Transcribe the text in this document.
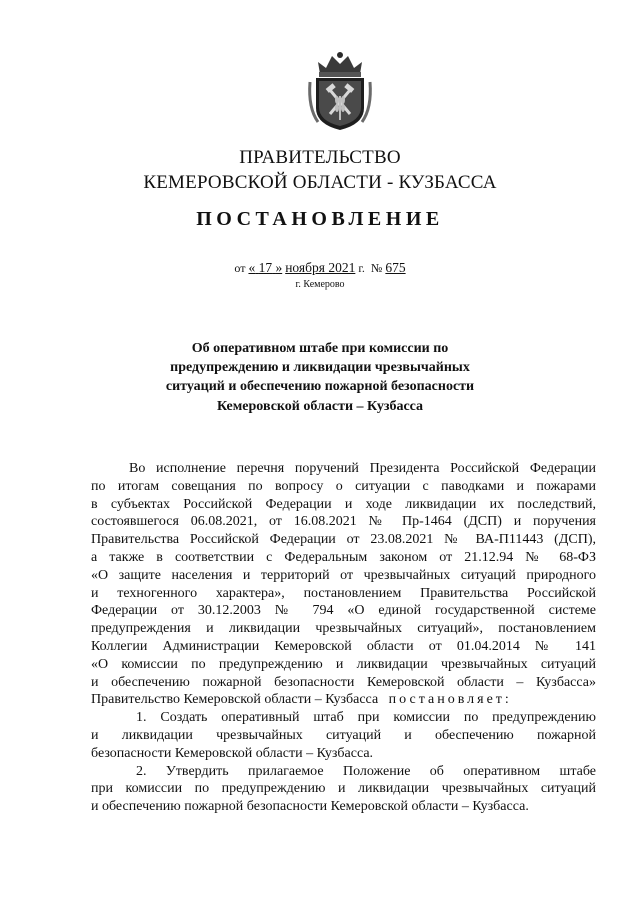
ПРАВИТЕЛЬСТВО
КЕМЕРОВСКОЙ ОБЛАСТИ - КУЗБАССА
ПОСТАНОВЛЕНИЕ
от « 17 » ноября 2021 г. № 675
г. Кемерово
Об оперативном штабе при комиссии по
предупреждению и ликвидации чрезвычайных
ситуаций и обеспечению пожарной безопасности
Кемеровской области – Кузбасса
Во исполнение перечня поручений Президента Российской Федерации
по итогам совещания по вопросу о ситуации с паводками и пожарами
в субъектах Российской Федерации и ходе ликвидации их последствий,
состоявшегося 06.08.2021, от 16.08.2021 № Пр-1464 (ДСП) и поручения
Правительства Российской Федерации от 23.08.2021 № ВА-П11443 (ДСП),
а также в соответствии с Федеральным законом от 21.12.94 № 68-ФЗ
«О защите населения и территорий от чрезвычайных ситуаций природного
и техногенного характера», постановлением Правительства Российской
Федерации от 30.12.2003 № 794 «О единой государственной системе
предупреждения и ликвидации чрезвычайных ситуаций», постановлением
Коллегии Администрации Кемеровской области от 01.04.2014 № 141
«О комиссии по предупреждению и ликвидации чрезвычайных ситуаций
и обеспечению пожарной безопасности Кемеровской области – Кузбасса»
Правительство Кемеровской области – Кузбасса постановляет:
1. Создать оперативный штаб при комиссии по предупреждению
и ликвидации чрезвычайных ситуаций и обеспечению пожарной
безопасности Кемеровской области – Кузбасса.
2. Утвердить прилагаемое Положение об оперативном штабе
при комиссии по предупреждению и ликвидации чрезвычайных ситуаций
и обеспечению пожарной безопасности Кемеровской области – Кузбасса.
